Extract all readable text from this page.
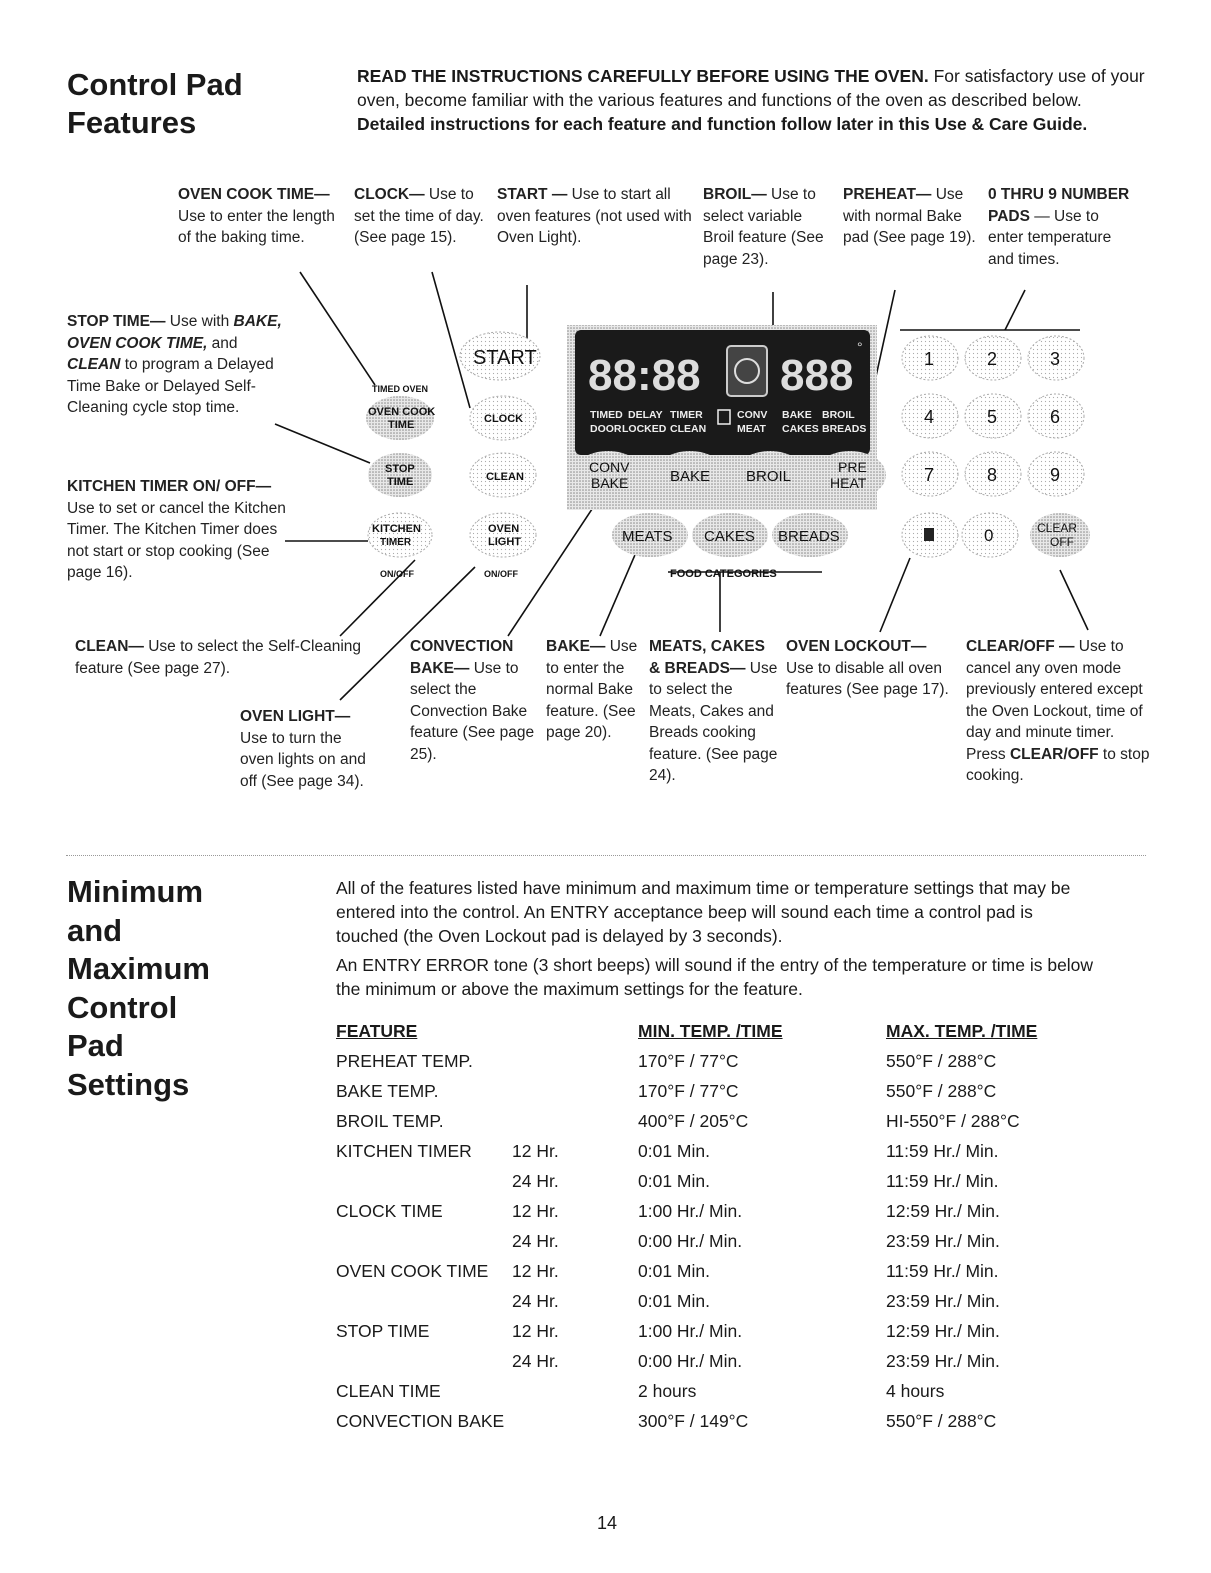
Control Pad
Features
READ THE INSTRUCTIONS CAREFULLY BEFORE USING THE OVEN. For satisfactory use of your oven, become familiar with the various features and functions of the oven as described below. Detailed instructions for each feature and function follow later in this Use & Care Guide.
OVEN COOK TIME— Use to enter the length of the baking time.
CLOCK— Use to set the time of day. (See page 15).
START — Use to start all oven features (not used with Oven Light).
BROIL— Use to select variable Broil feature (See page 23).
PREHEAT— Use with normal Bake pad (See page 19).
0 THRU 9 NUMBER PADS — Use to enter temperature and times.
STOP TIME— Use with BAKE, OVEN COOK TIME, and CLEAN to program a Delayed Time Bake or Delayed Self-Cleaning cycle stop time.
KITCHEN TIMER ON/ OFF— Use to set or cancel the Kitchen Timer. The Kitchen Timer does not start or stop cooking (See page 16).
CLEAN— Use to select the Self-Cleaning feature (See page 27).
OVEN LIGHT— Use to turn the oven lights on and off (See page 34).
CONVECTION BAKE— Use to select the Convection Bake feature (See page 25).
BAKE— Use to enter the normal Bake feature. (See page 20).
MEATS, CAKES & BREADS— Use to select the Meats, Cakes and Breads cooking feature. (See page 24).
OVEN LOCKOUT— Use to disable all oven features (See page 17).
CLEAR/OFF — Use to cancel any oven mode previously entered except the Oven Lockout, time of day and minute timer. Press CLEAR/OFF to stop cooking.
88:88 888
°
TIMED DELAY TIMER	CONV BAKE BROIL
DOOR LOCKED CLEAN	MEAT CAKES BREADS
TIMED OVEN
OVEN COOK
TIME
STOP
TIME
KITCHEN
TIMER
ON/OFF
START
CLOCK
CLEAN
OVEN
LIGHT
ON/OFF
CONV
BAKE	BAKE BROIL
PRE
HEAT
MEATS CAKES BREADS
FOOD CATEGORIES
1	2	3
4	5	6
7	8	9
0	CLEAR
OFF
Minimum
and
Maximum
Control
Pad
Settings
All of the features listed have minimum and maximum time or temperature settings that may be entered into the control. An ENTRY acceptance beep will sound each time a control pad is touched (the Oven Lockout pad is delayed by 3 seconds).
An ENTRY ERROR tone (3 short beeps) will sound if the entry of the temperature or time is below the minimum or above the maximum settings for the feature.
FEATURE	MIN. TEMP. /TIME	MAX. TEMP. /TIME
PREHEAT TEMP.	170°F / 77°C	550°F / 288°C
BAKE TEMP.	170°F / 77°C	550°F / 288°C
BROIL TEMP.	400°F / 205°C	HI-550°F / 288°C
KITCHEN TIMER 12 Hr.	0:01 Min.	11:59 Hr./ Min.
24 Hr.	0:01 Min.	11:59 Hr./ Min.
CLOCK TIME	12 Hr.	1:00 Hr./ Min.	12:59 Hr./ Min.
24 Hr.	0:00 Hr./ Min.	23:59 Hr./ Min.
OVEN COOK TIME 12 Hr.	0:01 Min.	11:59 Hr./ Min.
24 Hr.	0:01 Min.	23:59 Hr./ Min.
STOP TIME	12 Hr.	1:00 Hr./ Min.	12:59 Hr./ Min.
24 Hr.	0:00 Hr./ Min.	23:59 Hr./ Min.
CLEAN TIME	2 hours	4 hours
CONVECTION BAKE	300°F / 149°C	550°F / 288°C
14
